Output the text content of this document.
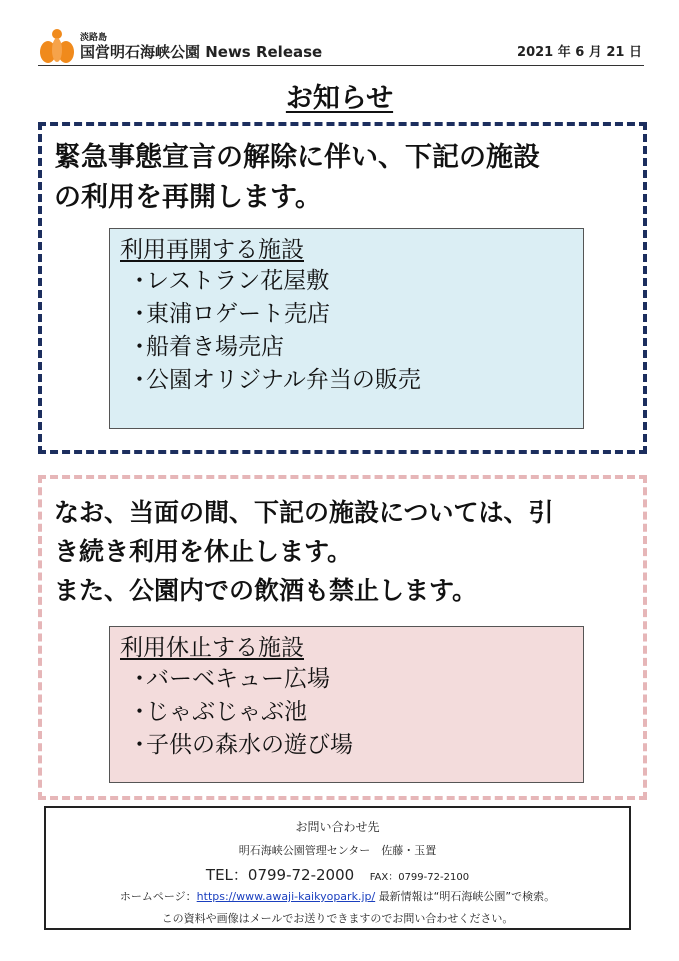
淡路島
国営明石海峡公園 News Release	2021 年 6 月 21 日
お知らせ
緊急事態宣言の解除に伴い、下記の施設
の利用を再開します。
利用再開する施設
・レストラン花屋敷
・東浦ロゲート売店
・船着き場売店
・公園オリジナル弁当の販売
なお、当面の間、下記の施設については、引
き続き利用を休止します。
また、公園内での飲酒も禁止します。
利用休止する施設
・バーベキュー広場
・じゃぶじゃぶ池
・子供の森水の遊び場
お問い合わせ先
明石海峡公園管理センター　佐藤・玉置
TEL：0799-72-2000 FAX：0799-72-2100
ホームページ：https://www.awaji-kaikyopark.jp/ 最新情報は“明石海峡公園”で検索。
この資料や画像はメールでお送りできますのでお問い合わせください。
